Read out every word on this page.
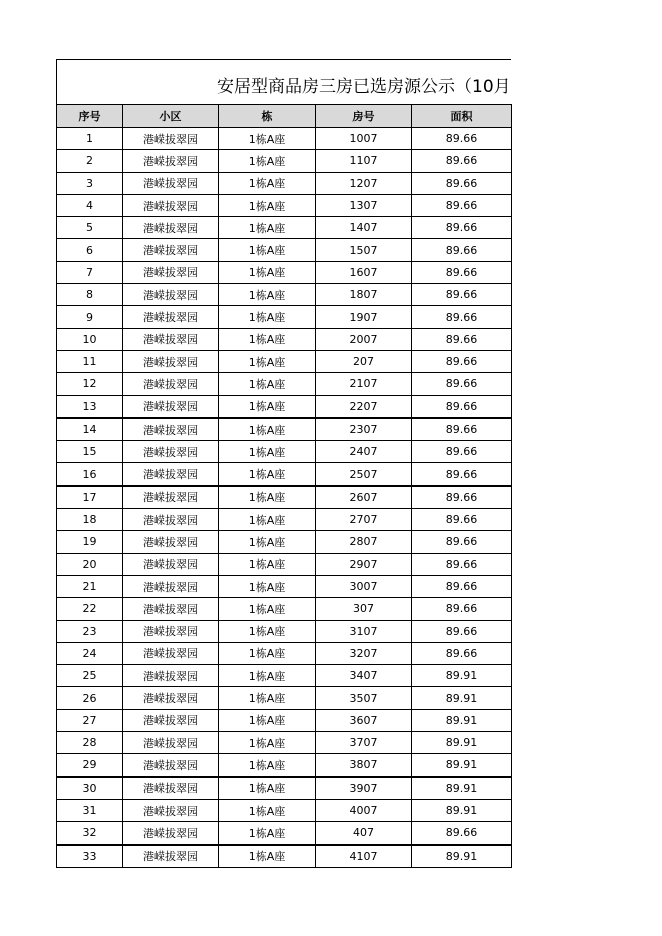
安居型商品房三房已选房源公示（10月
序号	小区	栋	房号	面积
1	港嵘拔翠园	1栋A座	1007	89.66
2	港嵘拔翠园	1栋A座	1107	89.66
3	港嵘拔翠园	1栋A座	1207	89.66
4	港嵘拔翠园	1栋A座	1307	89.66
5	港嵘拔翠园	1栋A座	1407	89.66
6	港嵘拔翠园	1栋A座	1507	89.66
7	港嵘拔翠园	1栋A座	1607	89.66
8	港嵘拔翠园	1栋A座	1807	89.66
9	港嵘拔翠园	1栋A座	1907	89.66
10	港嵘拔翠园	1栋A座	2007	89.66
11	港嵘拔翠园	1栋A座	207	89.66
12	港嵘拔翠园	1栋A座	2107	89.66
13	港嵘拔翠园	1栋A座	2207	89.66
14	港嵘拔翠园	1栋A座	2307	89.66
15	港嵘拔翠园	1栋A座	2407	89.66
16	港嵘拔翠园	1栋A座	2507	89.66
17	港嵘拔翠园	1栋A座	2607	89.66
18	港嵘拔翠园	1栋A座	2707	89.66
19	港嵘拔翠园	1栋A座	2807	89.66
20	港嵘拔翠园	1栋A座	2907	89.66
21	港嵘拔翠园	1栋A座	3007	89.66
22	港嵘拔翠园	1栋A座	307	89.66
23	港嵘拔翠园	1栋A座	3107	89.66
24	港嵘拔翠园	1栋A座	3207	89.66
25	港嵘拔翠园	1栋A座	3407	89.91
26	港嵘拔翠园	1栋A座	3507	89.91
27	港嵘拔翠园	1栋A座	3607	89.91
28	港嵘拔翠园	1栋A座	3707	89.91
29	港嵘拔翠园	1栋A座	3807	89.91
30	港嵘拔翠园	1栋A座	3907	89.91
31	港嵘拔翠园	1栋A座	4007	89.91
32	港嵘拔翠园	1栋A座	407	89.66
33	港嵘拔翠园	1栋A座	4107	89.91
